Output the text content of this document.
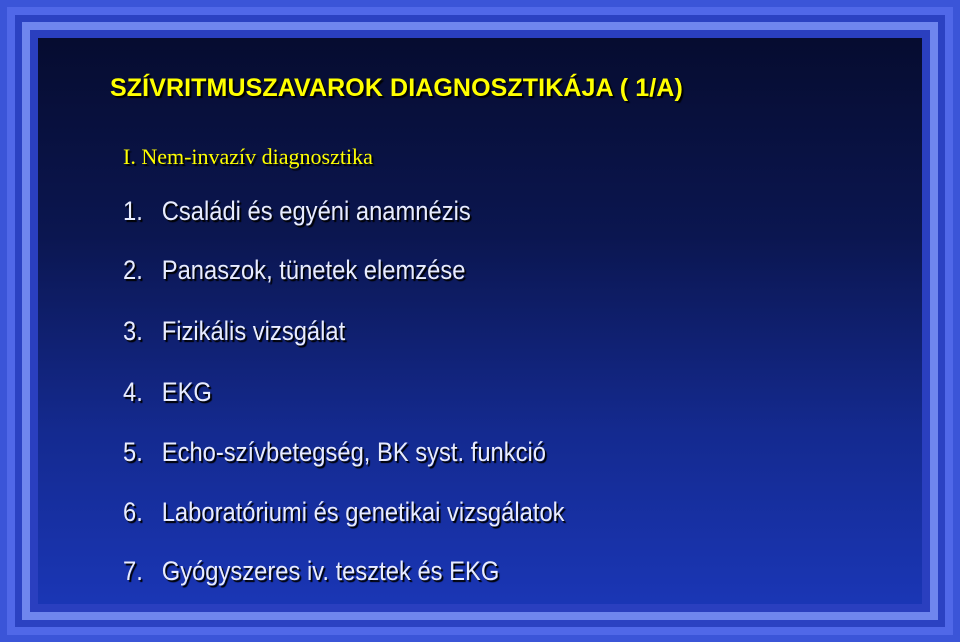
SZÍVRITMUSZAVAROK DIAGNOSZTIKÁJA ( 1/A)
I. Nem-invazív diagnosztika
1. Családi és egyéni anamnézis
2. Panaszok, tünetek elemzése
3. Fizikális vizsgálat
4. EKG
5. Echo-szívbetegség, BK syst. funkció
6. Laboratóriumi és genetikai vizsgálatok
7. Gyógyszeres iv. tesztek és EKG
